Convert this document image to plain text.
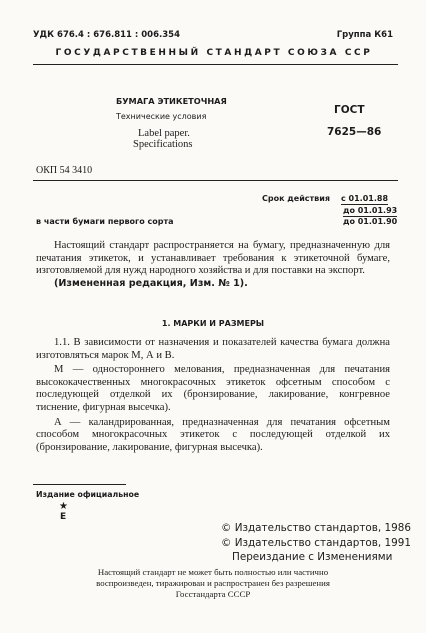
УДК 676.4 : 676.811 : 006.354	Группа К61
ГОСУДАРСТВЕННЫЙ СТАНДАРТ СОЮЗА ССР
БУМАГА ЭТИКЕТОЧНАЯ
Технические условия
Label paper.
Specifications
ГОСТ
7625—86
ОКП 54 3410
Срок действия с 01.01.88
до 01.01.93
в части бумаги первого сорта	до 01.01.90

Настоящий стандарт распространяется на бумагу, предназначенную для печатания этикеток, и устанавливает требования к этикеточной бумаге, изготовляемой для нужд народного хозяйства и для поставки на экспорт.

(Измененная редакция, Изм. № 1).

1. МАРКИ И РАЗМЕРЫ

1.1. В зависимости от назначения и показателей качества бумага должна изготовляться марок М, А и В.

М — одностороннего мелования, предназначенная для печатания высококачественных многокрасочных этикеток офсетным способом с последующей отделкой их (бронзирование, лакирование, конгревное тиснение, фигурная высечка).

А — каландрированная, предназначенная для печатания офсетным способом многокрасочных этикеток с последующей отделкой их (бронзирование, лакирование, фигурная высечка).

Издание официальное
★
Е
© Издательство стандартов, 1986
© Издательство стандартов, 1991
Переиздание с Изменениями
Настоящий стандарт не может быть полностью или частично
воспроизведен, тиражирован и распространен без разрешения
Госстандарта СССР
